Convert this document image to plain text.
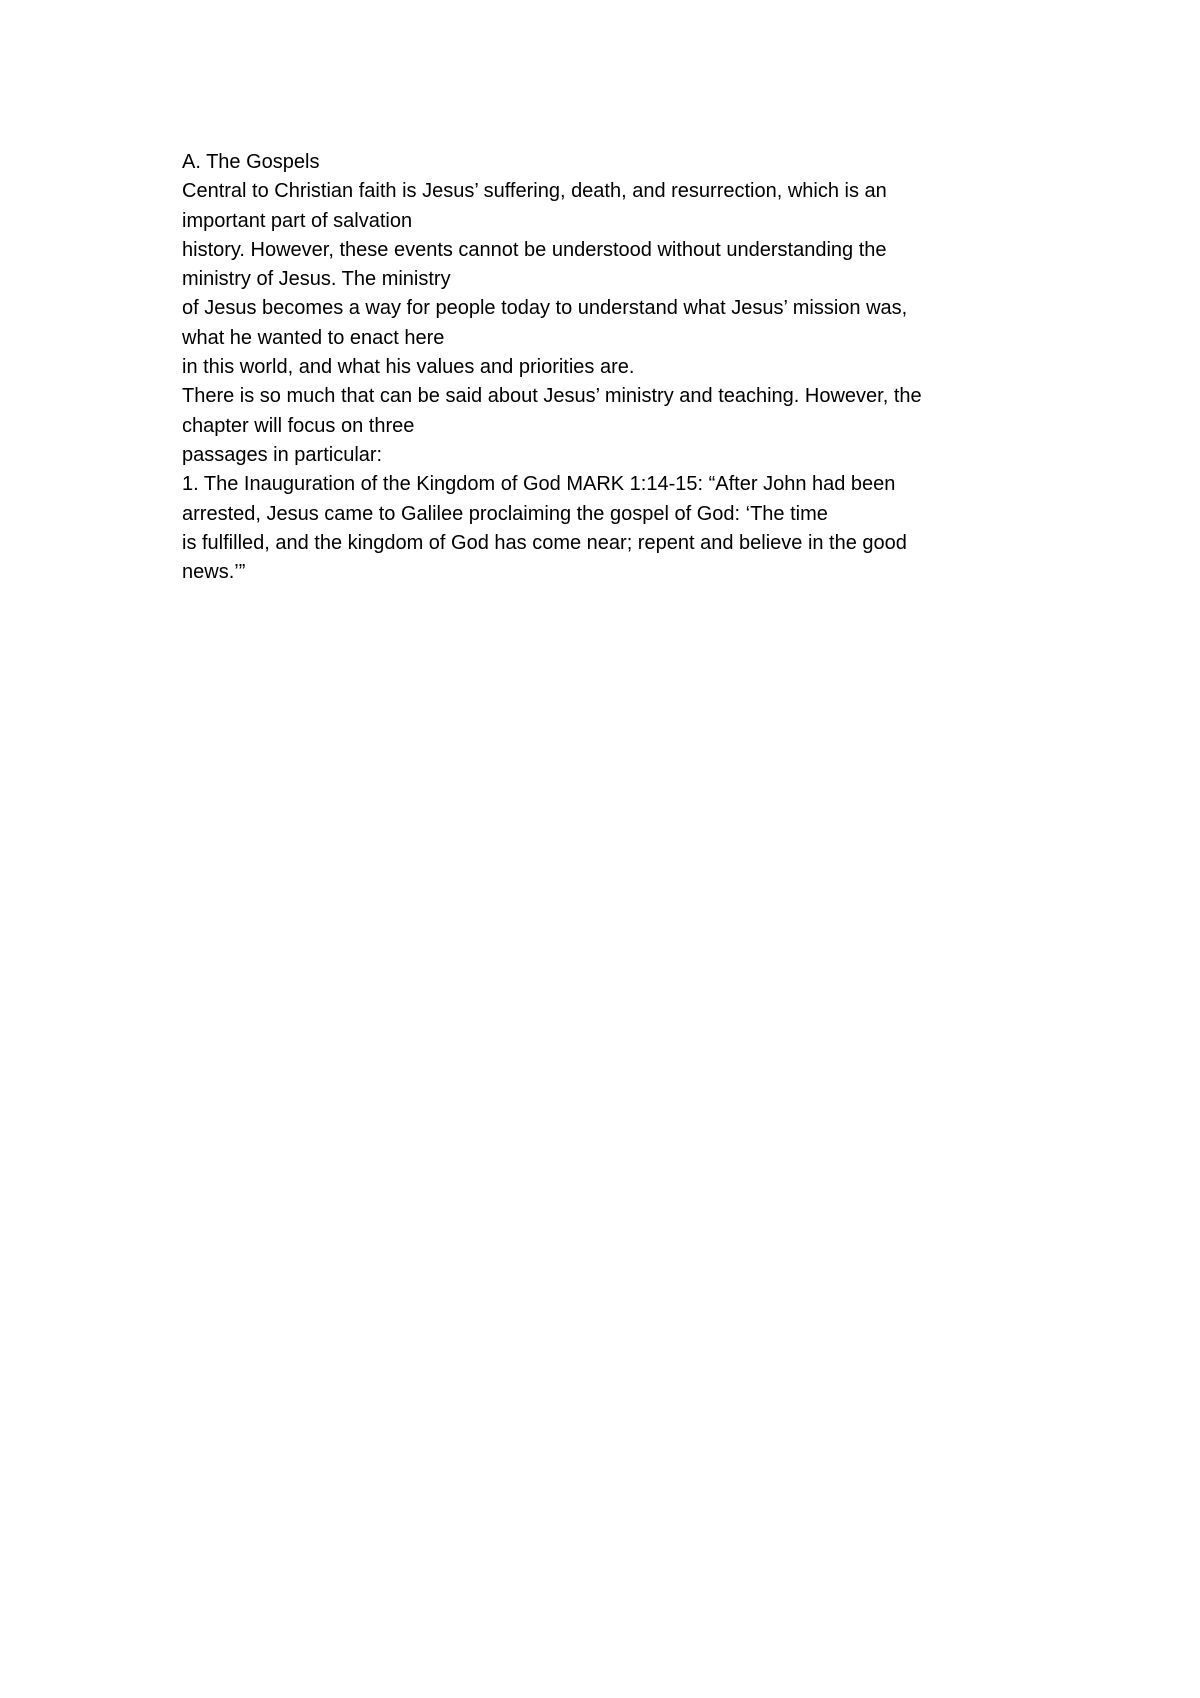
A. The Gospels
Central to Christian faith is Jesus’ suffering, death, and resurrection, which is an
important part of salvation
history. However, these events cannot be understood without understanding the
ministry of Jesus. The ministry
of Jesus becomes a way for people today to understand what Jesus’ mission was,
what he wanted to enact here
in this world, and what his values and priorities are.
There is so much that can be said about Jesus’ ministry and teaching. However, the
chapter will focus on three
passages in particular:
1. The Inauguration of the Kingdom of God MARK 1:14-15: “After John had been
arrested, Jesus came to Galilee proclaiming the gospel of God: ‘The time
is fulfilled, and the kingdom of God has come near; repent and believe in the good
news.’”
